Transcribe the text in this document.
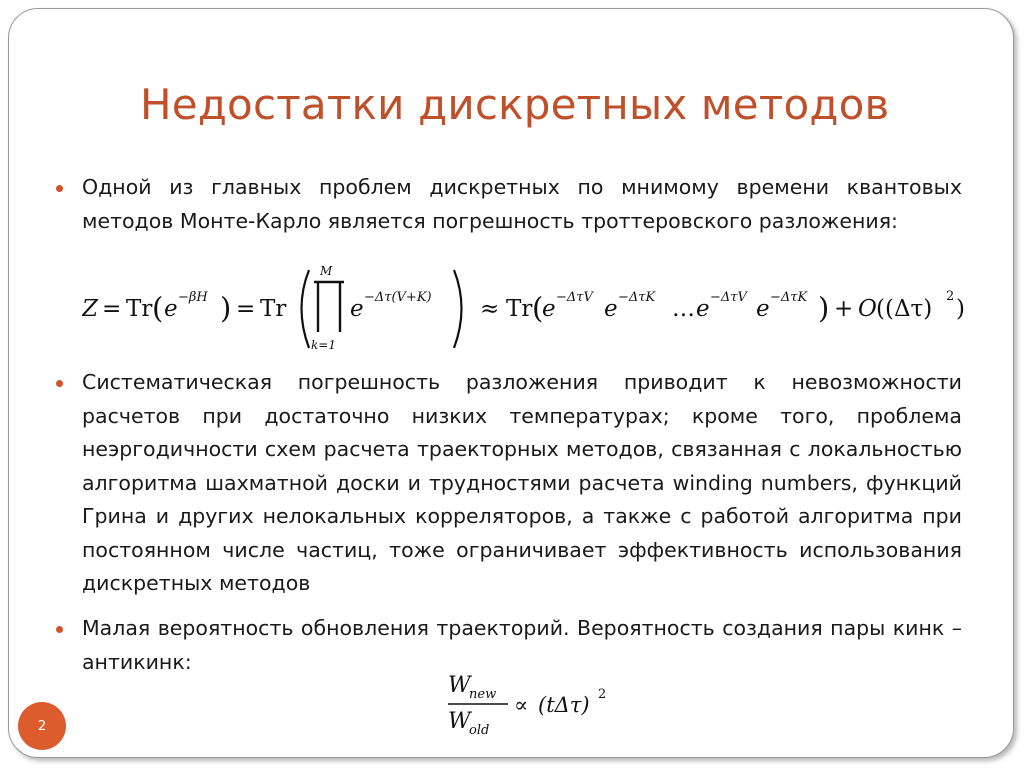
Недостатки дискретных методов
Одной из главных проблем дискретных по мнимому времени квантовых методов Монте-Карло является погрешность троттеровского разложения:
Z = Tr ( e −βH ) = Tr
M
k=1
e −Δτ(V+K) ≈ Tr (
e −ΔτV e −ΔτK … e −ΔτV e −ΔτK ) + O ((Δτ) 2 )
Систематическая погрешность разложения приводит к невозможности расчетов при достаточно низких температурах; кроме того, проблема неэргодичности схем расчета траекторных методов, связанная с локальностью алгоритма шахматной доски и трудностями расчета winding numbers, функций Грина и других нелокальных корреляторов, а также с работой алгоритма при постоянном числе частиц, тоже ограничивает эффективность использования дискретных методов
Малая вероятность обновления траекторий. Вероятность создания пары кинк – антикинк:
W
new
W
old
∝ (tΔτ) 2
2
